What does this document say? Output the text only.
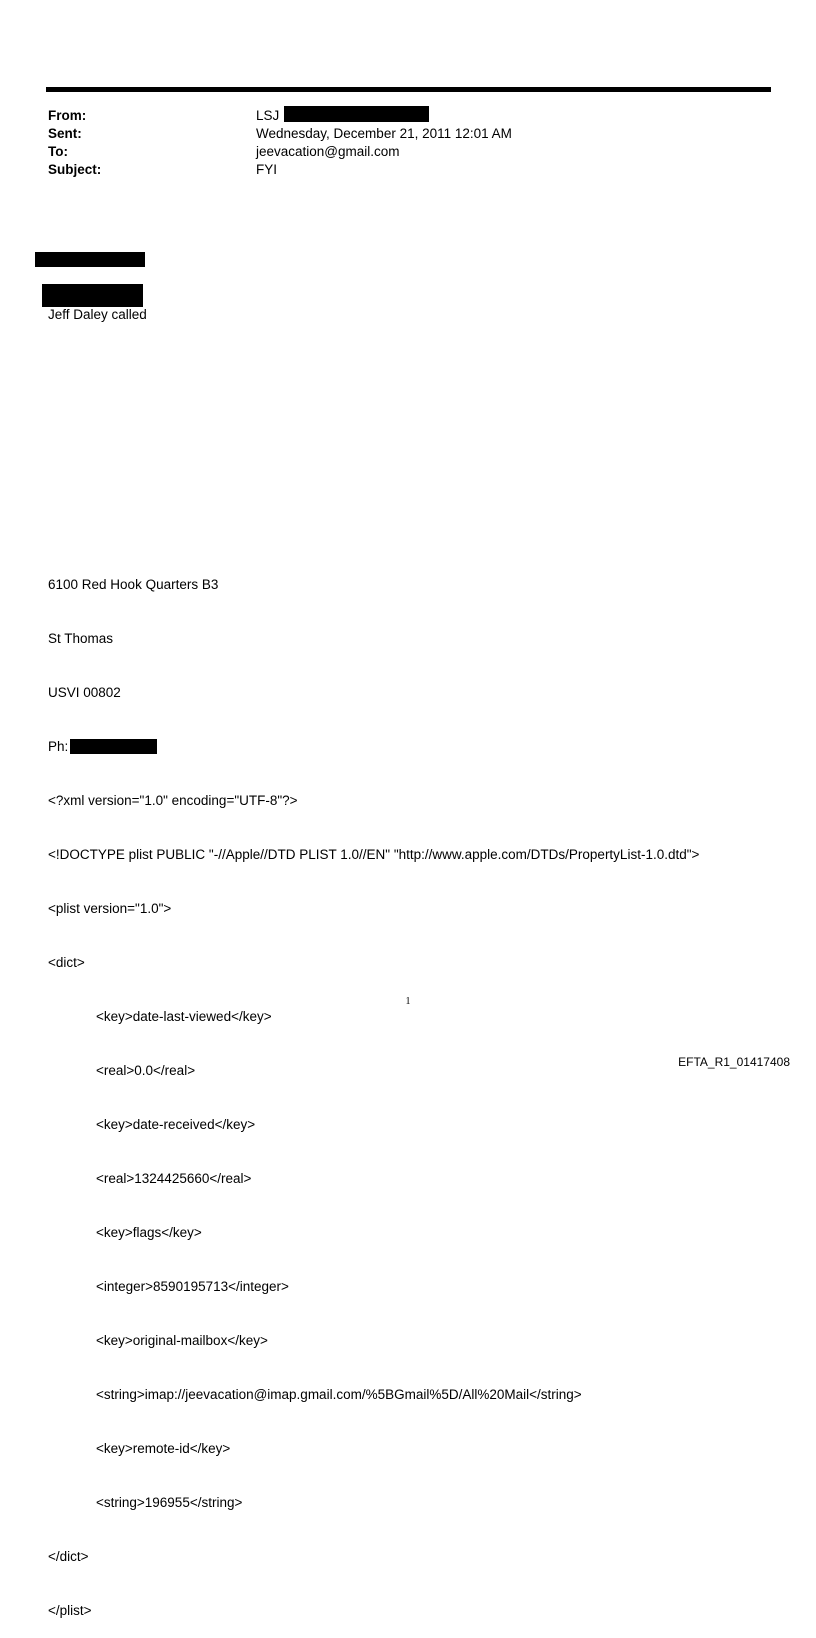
From:	LSJ
Sent:	Wednesday, December 21, 2011 12:01 AM
To:	jeevacation@gmail.com
Subject:	FYI

FYI

Jeff Daley called

6100 Red Hook Quarters B3

St Thomas

USVI 00802

Ph:

<?xml version="1.0" encoding="UTF-8"?>

<!DOCTYPE plist PUBLIC "-//Apple//DTD PLIST 1.0//EN" "http://www.apple.com/DTDs/PropertyList-1.0.dtd">

<plist version="1.0">

<dict>

<key>date-last-viewed</key>

<real>0.0</real>

<key>date-received</key>

<real>1324425660</real>

<key>flags</key>

<integer>8590195713</integer>

<key>original-mailbox</key>

<string>imap://jeevacation@imap.gmail.com/%5BGmail%5D/All%20Mail</string>

<key>remote-id</key>

<string>196955</string>

</dict>

</plist>

1
EFTA_R1_01417408
